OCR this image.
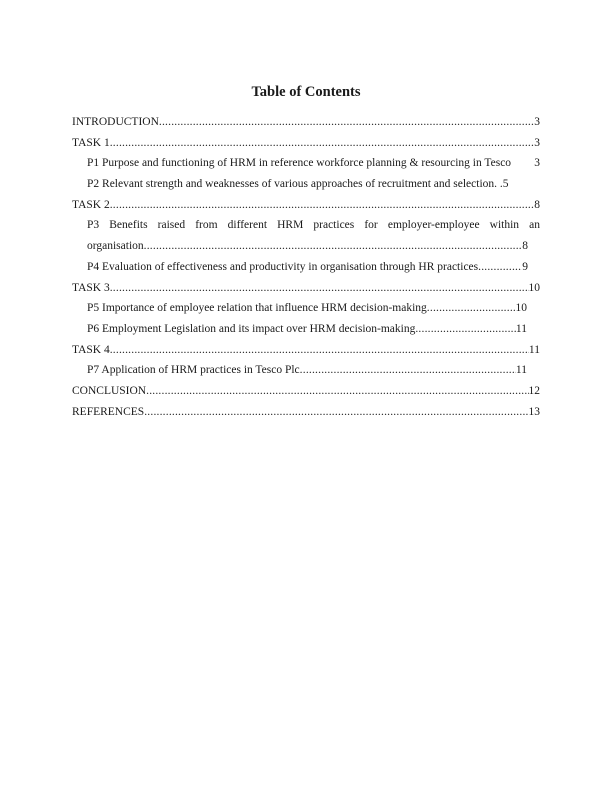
Table of Contents
INTRODUCTION .....	3
TASK 1 .....	3
P1 Purpose and functioning of HRM in reference workforce planning & resourcing in Tesco 3
P2 Relevant strength and weaknesses of various approaches of recruitment and selection. . 5
TASK 2 .....	8
P3 Benefits raised from different HRM practices for employer-employee within an
organisation .....	8
P4 Evaluation of effectiveness and productivity in organisation through HR practices .....	9
TASK 3 .....	10
P5 Importance of employee relation that influence HRM decision-making .....	10
P6 Employment Legislation and its impact over HRM decision-making .....	11
TASK 4 .....	11
P7 Application of HRM practices in Tesco Plc .....	11
CONCLUSION .....	12
REFERENCES .....	13
